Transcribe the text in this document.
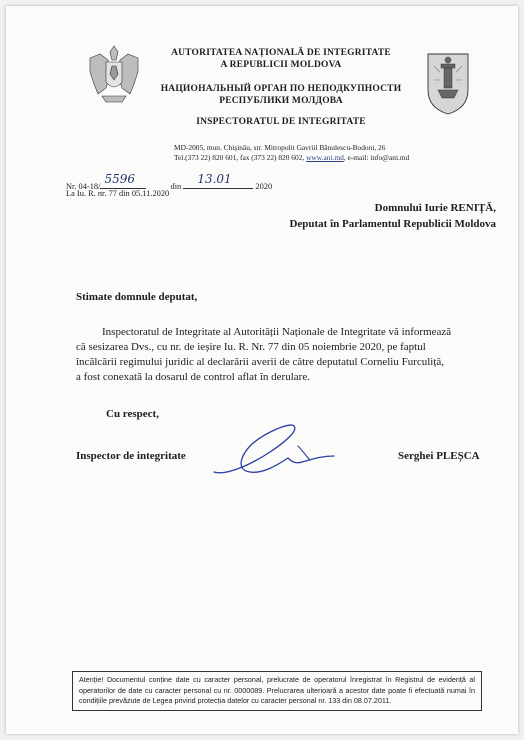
AUTORITATEA NAȚIONALĂ DE INTEGRITATE
A REPUBLICII MOLDOVA
НАЦИОНАЛЬНЫЙ ОРГАН ПО НЕПОДКУПНОСТИ
РЕСПУБЛИКИ МОЛДОВА
INSPECTORATUL DE INTEGRITATE
MD-2005, mun. Chișinău, str. Mitropolit Gavriil Bănulescu-Bodoni, 26
Tel.(373 22) 820 601, fax (373 22) 820 602, www.ani.md, e-mail: info@ani.md
Nr. 04-18/
5596
din
13.01
2020
La Iu. R. nr. 77 din 05.11.2020
Domnului Iurie RENIȚĂ,
Deputat în Parlamentul Republicii Moldova
Stimate domnule deputat,
Inspectoratul de Integritate al Autorității Naționale de Integritate vă informează
că sesizarea Dvs., cu nr. de ieșire Iu. R. Nr. 77 din 05 noiembrie 2020, pe faptul
încălcării regimului juridic al declarării averii de către deputatul Corneliu Furculiță,
a fost conexată la dosarul de control aflat în derulare.
Cu respect,
Inspector de integritate	Serghei PLEȘCA
Atenție! Documentul conține date cu caracter personal, prelucrate de operatorul înregistrat în Registrul de evidență al operatorilor de date cu caracter personal cu nr. 0000089. Prelucrarea ulterioară a acestor date poate fi efectuată numai în condițiile prevăzute de Legea privind protecția datelor cu caracter personal nr. 133 din 08.07.2011.
